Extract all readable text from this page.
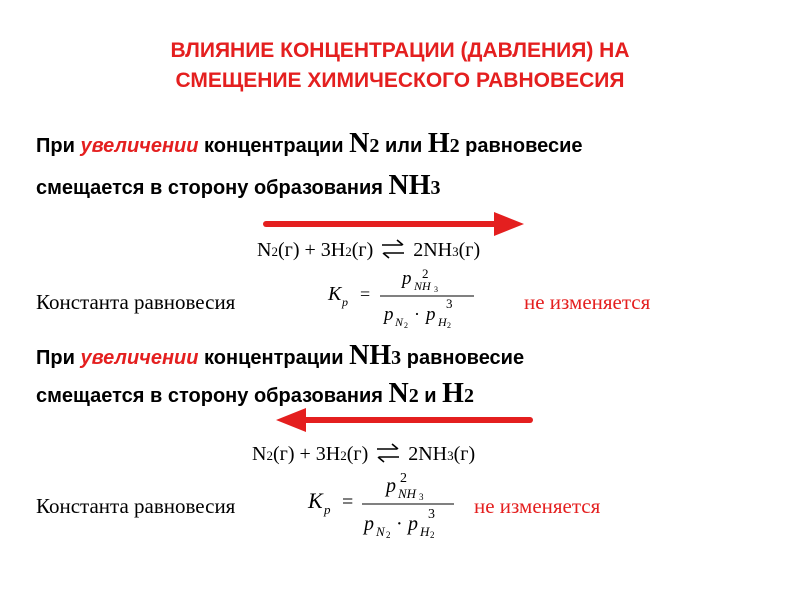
ВЛИЯНИЕ КОНЦЕНТРАЦИИ (ДАВЛЕНИЯ) НА
СМЕЩЕНИЕ ХИМИЧЕСКОГО РАВНОВЕСИЯ
При увеличении концентрации N2 или H2 равновесие
смещается в сторону образования NH3
N2(г) + 3H2(г) ⇌ 2NH3(г)
Константа равновесия	K p =
p 2
NH 3
p N 2
· p
3
H 2
не изменяется
При увеличении концентрации NH3 равновесие
смещается в сторону образования N2 и H2
N2(г) + 3H2(г) ⇌ 2NH3(г)
Константа равновесия	K p =
p 2
NH 3
p N 2 · p 3
H 2
не изменяется
